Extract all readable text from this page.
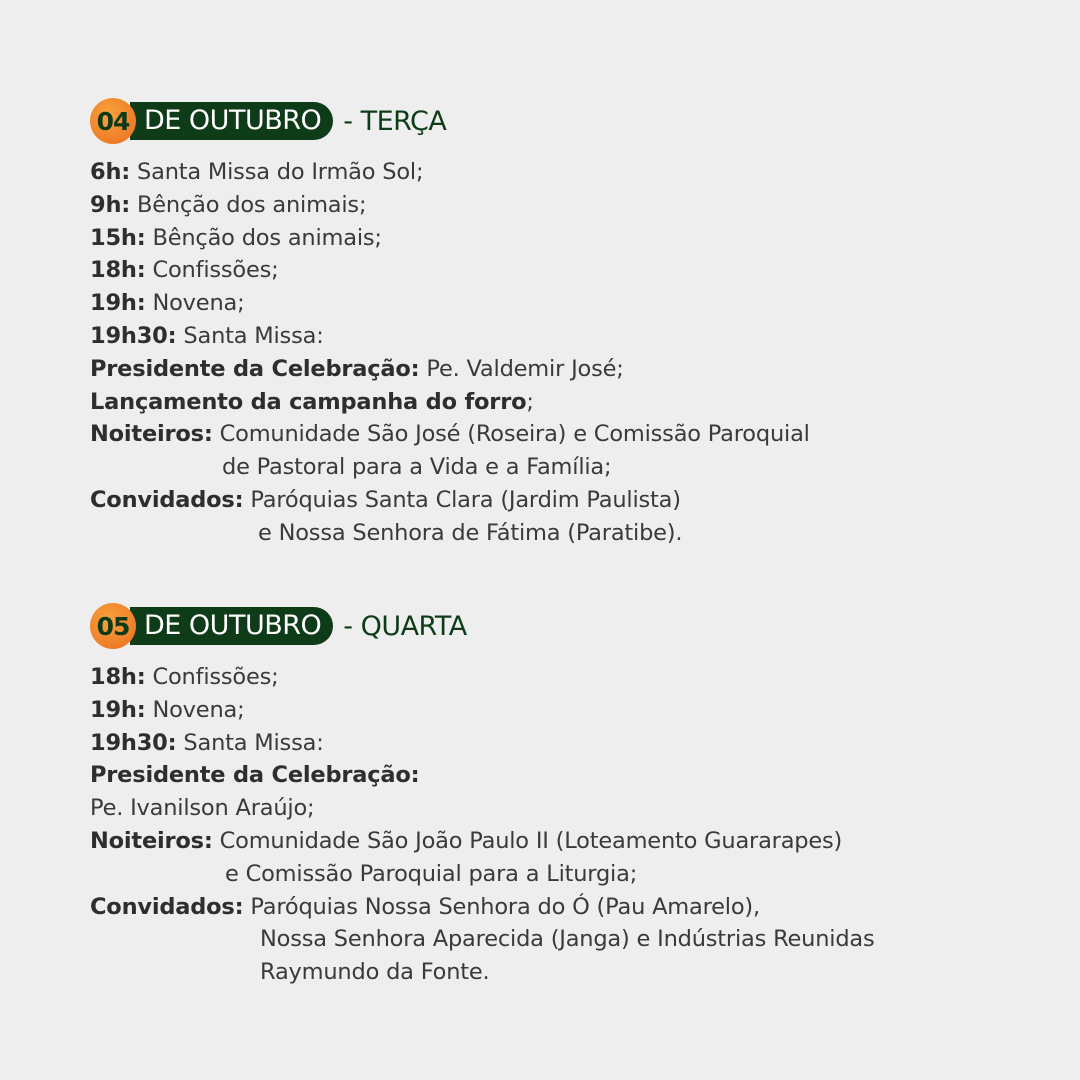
04 DE OUTUBRO - TERÇA
6h: Santa Missa do Irmão Sol;
9h: Bênção dos animais;
15h: Bênção dos animais;
18h: Confissões;
19h: Novena;
19h30: Santa Missa:
Presidente da Celebração: Pe. Valdemir José;
Lançamento da campanha do forro;
Noiteiros: Comunidade São José (Roseira) e Comissão Paroquial
de Pastoral para a Vida e a Família;
Convidados: Paróquias Santa Clara (Jardim Paulista)
e Nossa Senhora de Fátima (Paratibe).
05 DE OUTUBRO - QUARTA
18h: Confissões;
19h: Novena;
19h30: Santa Missa:
Presidente da Celebração:
Pe. Ivanilson Araújo;
Noiteiros: Comunidade São João Paulo II (Loteamento Guararapes)
e Comissão Paroquial para a Liturgia;
Convidados: Paróquias Nossa Senhora do Ó (Pau Amarelo),
Nossa Senhora Aparecida (Janga) e Indústrias Reunidas
Raymundo da Fonte.
